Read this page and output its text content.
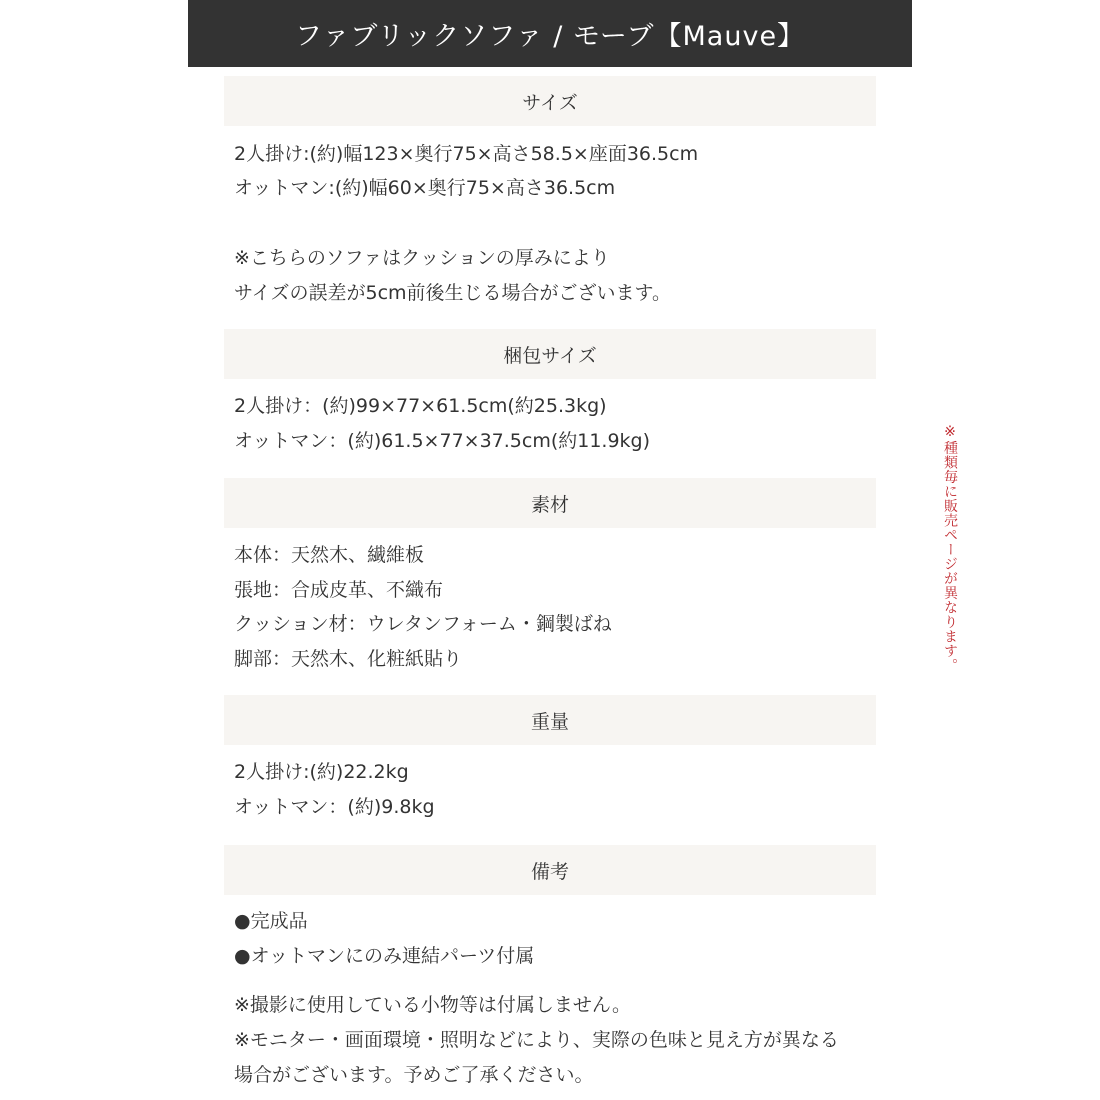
ファブリックソファ / モーブ【Mauve】
サイズ
2人掛け:(約)幅123×奥行75×高さ58.5×座面36.5cm
オットマン:(約)幅60×奥行75×高さ36.5cm
※こちらのソファはクッションの厚みにより
サイズの誤差が5cm前後生じる場合がございます。
梱包サイズ
2人掛け：(約)99×77×61.5cm(約25.3kg)
オットマン：(約)61.5×77×37.5cm(約11.9kg)
素材
本体：天然木、繊維板
張地：合成皮革、不織布
クッション材：ウレタンフォーム・鋼製ばね
脚部：天然木、化粧紙貼り
重量
2人掛け:(約)22.2kg
オットマン：(約)9.8kg
備考
●完成品
●オットマンにのみ連結パーツ付属
※撮影に使用している小物等は付属しません。
※モニター・画面環境・照明などにより、実際の色味と見え方が異なる
場合がございます。予めご了承ください。
※種類毎に販売ページが異なります。
